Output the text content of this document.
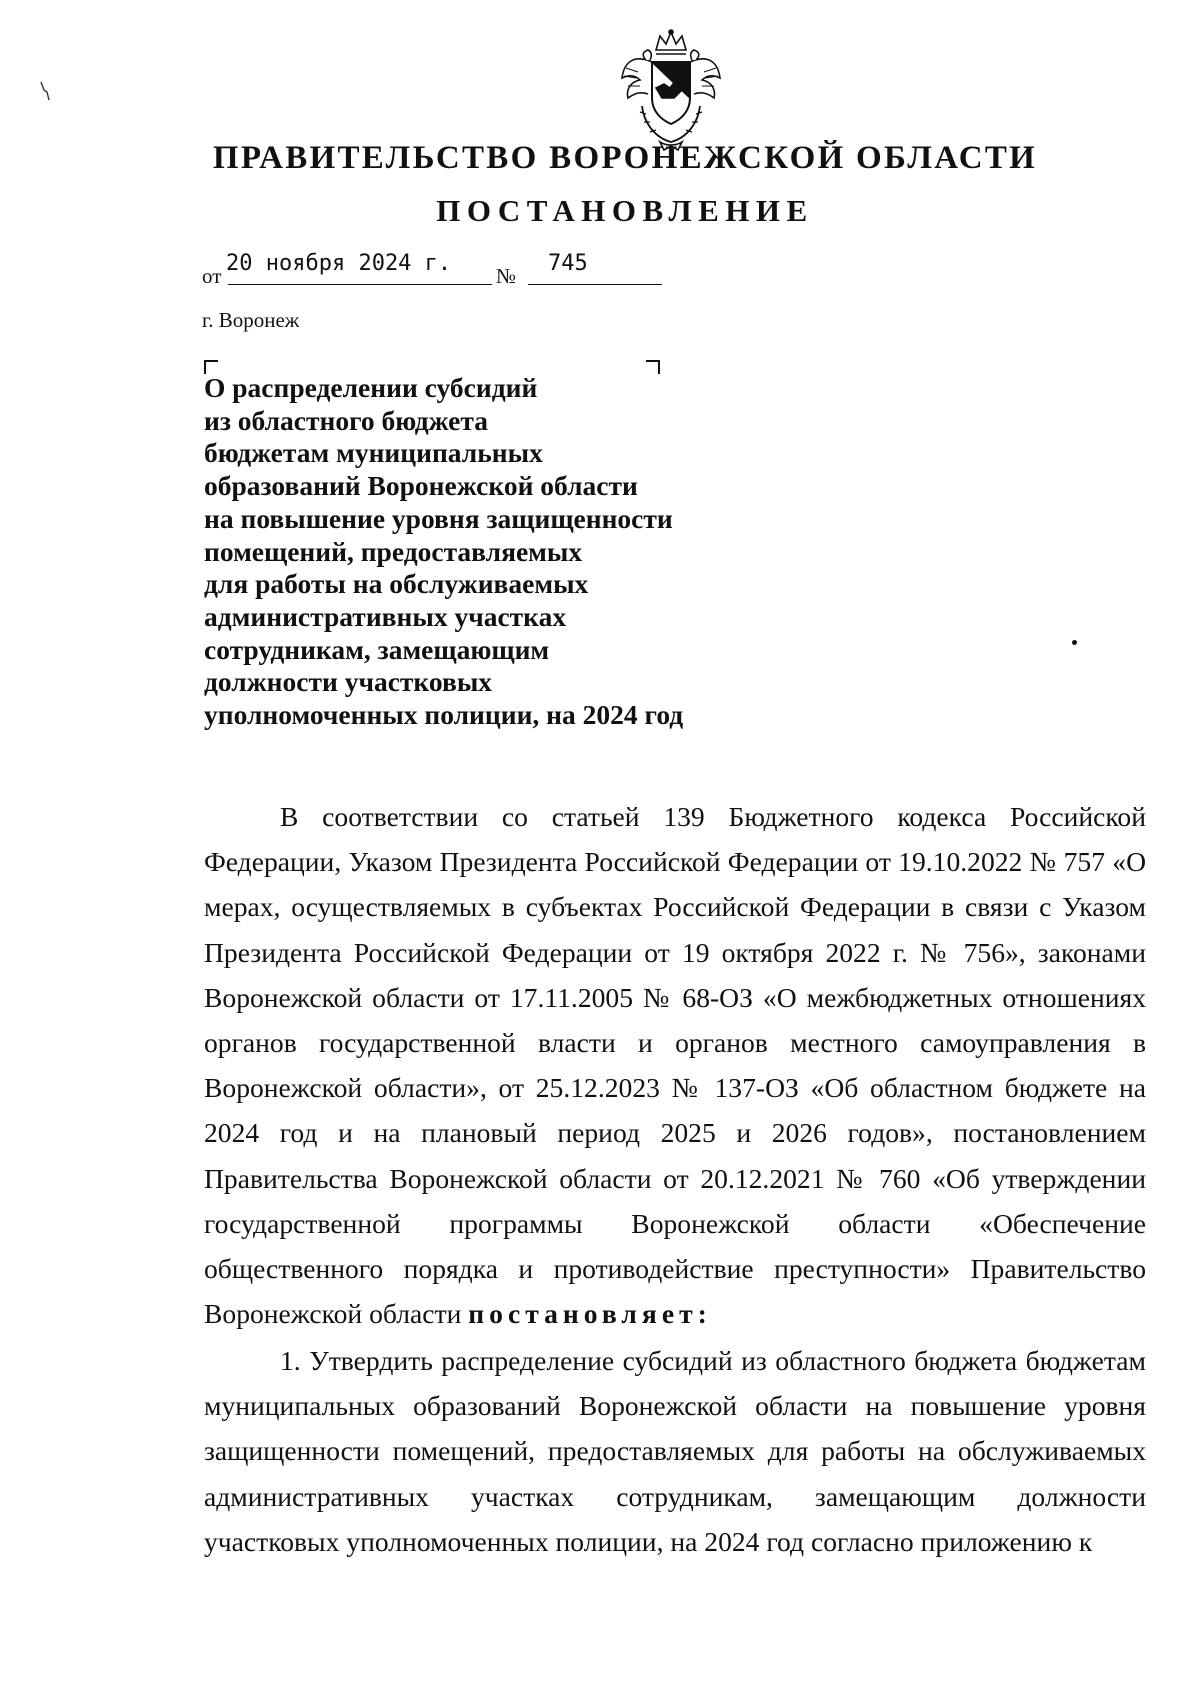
ПРАВИТЕЛЬСТВО ВОРОНЕЖСКОЙ ОБЛАСТИ
ПОСТАНОВЛЕНИЕ
от	№
20 ноября 2024 г.	745
г. Воронеж
О распределении субсидий
из областного бюджета
бюджетам муниципальных
образований Воронежской области
на повышение уровня защищенности
помещений, предоставляемых
для работы на обслуживаемых
административных участках
сотрудникам, замещающим
должности участковых
уполномоченных полиции, на 2024 год

В соответствии со статьей 139 Бюджетного кодекса Российской Федерации, Указом Президента Российской Федерации от 19.10.2022 № 757 «О мерах, осуществляемых в субъектах Российской Федерации в связи с Указом Президента Российской Федерации от 19 октября 2022 г. № 756», законами Воронежской области от 17.11.2005 № 68-ОЗ «О межбюджетных отношениях органов государственной власти и органов местного самоуправления в Воронежской области», от 25.12.2023 № 137-ОЗ «Об областном бюджете на 2024 год и на плановый период 2025 и 2026 годов», постановлением Правительства Воронежской области от 20.12.2021 № 760 «Об утверждении государственной программы Воронежской области «Обеспечение общественного порядка и противодействие преступности» Правительство Воронежской области постановляет:

1. Утвердить распределение субсидий из областного бюджета бюджетам муниципальных образований Воронежской области на повышение уровня защищенности помещений, предоставляемых для работы на обслуживаемых административных участках сотрудникам, замещающим должности участковых уполномоченных полиции, на 2024 год согласно приложению к
